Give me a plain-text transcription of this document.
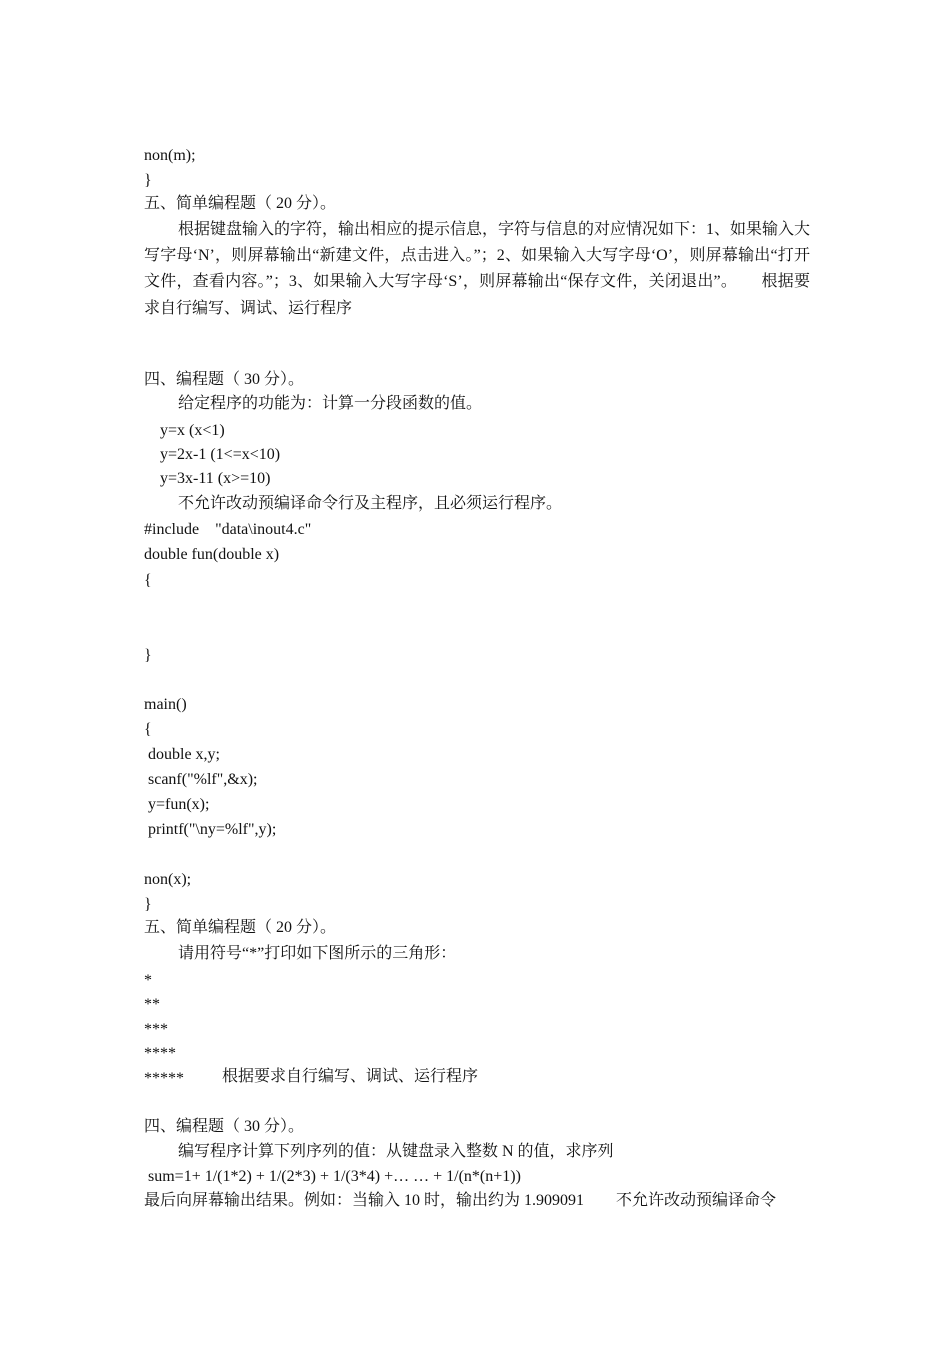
non(m);

}

五、简单编程题（ 20 分）。

根据键盘输入的字符，输出相应的提示信息，字符与信息的对应情况如下：1、如果输入大写字母‘N’，则屏幕输出“新建文件，点击进入。”；2、如果输入大写字母‘O’，则屏幕输出“打开文件，查看内容。”；3、如果输入大写字母‘S’，则屏幕输出“保存文件，关闭退出”。　　根据要求自行编写、调试、运行程序

四、编程题（ 30 分）。

给定程序的功能为：计算一分段函数的值。

y=x (x<1)

y=2x-1 (1<=x<10)

y=3x-11 (x>=10)

不允许改动预编译命令行及主程序，且必须运行程序。

#include    "data\inout4.c"

double fun(double x)

{

}

main()

{

double x,y;

scanf("%lf",&x);

y=fun(x);

printf("\ny=%lf",y);

non(x);

}

五、简单编程题（ 20 分）。

请用符号“*”打印如下图所示的三角形：

*

**

***

****

***** 根据要求自行编写、调试、运行程序

四、编程题（ 30 分）。

编写程序计算下列序列的值：从键盘录入整数 N 的值，求序列

sum=1+ 1/(1*2) + 1/(2*3) + 1/(3*4) +… … + 1/(n*(n+1))

最后向屏幕输出结果。例如：当输入 10 时，输出约为 1.909091　　不允许改动预编译命令
